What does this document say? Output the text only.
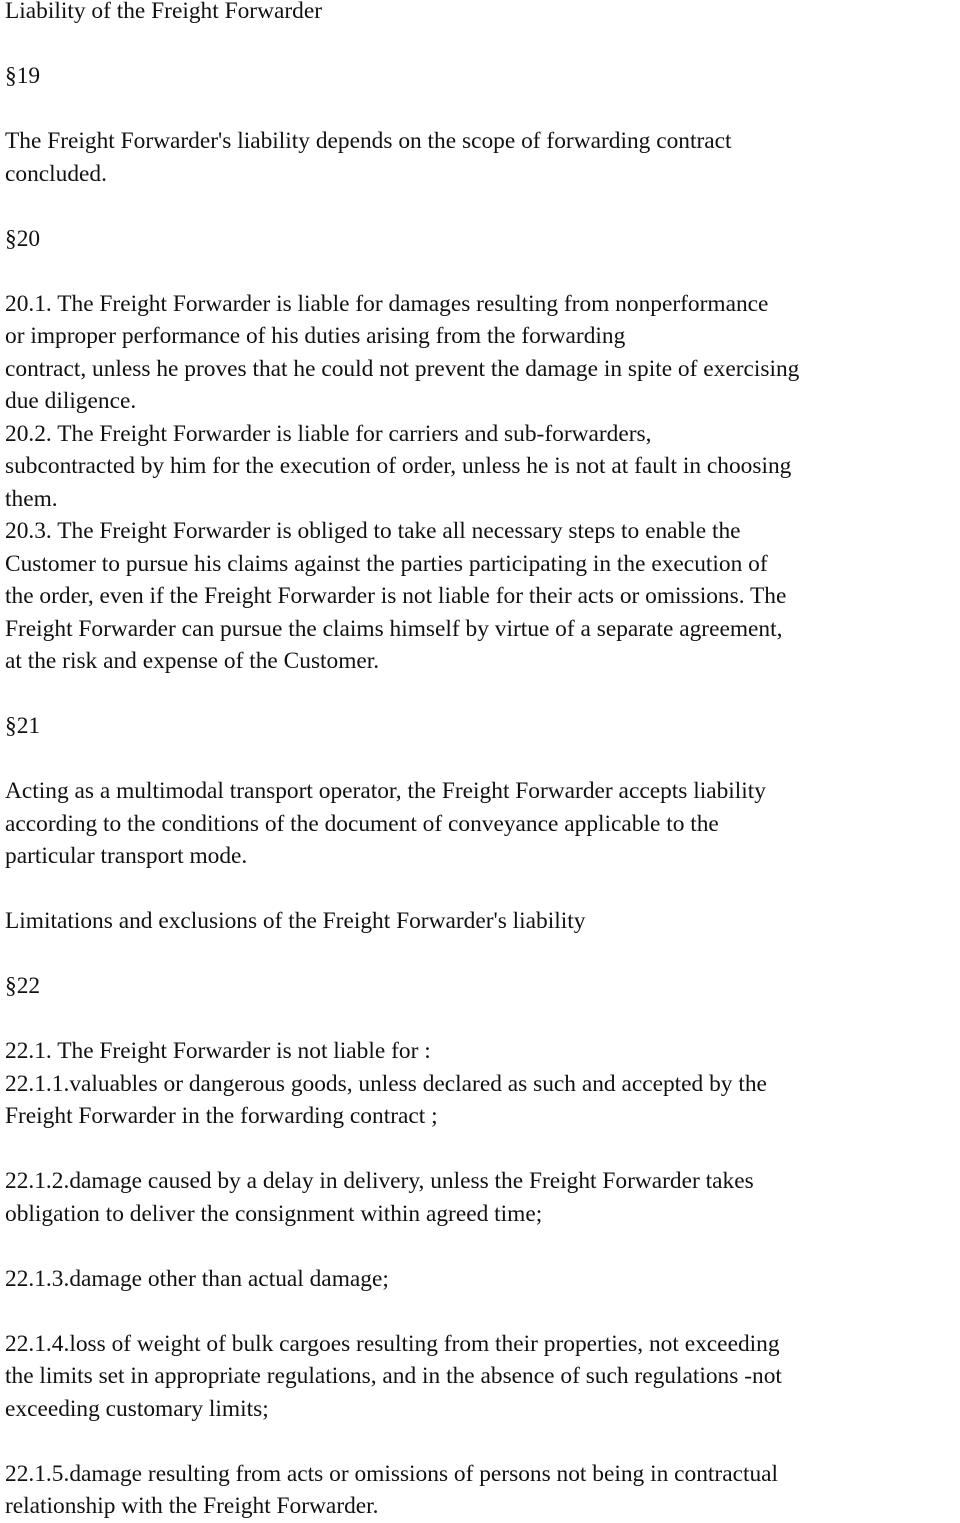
Liability of the Freight Forwarder
§19
The Freight Forwarder's liability depends on the scope of forwarding contract
concluded.
§20
20.1. The Freight Forwarder is liable for damages resulting from nonperformance
or improper performance of his duties arising from the forwarding
contract, unless he proves that he could not prevent the damage in spite of exercising
due diligence.
20.2. The Freight Forwarder is liable for carriers and sub-forwarders,
subcontracted by him for the execution of order, unless he is not at fault in choosing
them.
20.3. The Freight Forwarder is obliged to take all necessary steps to enable the
Customer to pursue his claims against the parties participating in the execution of
the order, even if the Freight Forwarder is not liable for their acts or omissions. The
Freight Forwarder can pursue the claims himself by virtue of a separate agreement,
at the risk and expense of the Customer.
§21
Acting as a multimodal transport operator, the Freight Forwarder accepts liability
according to the conditions of the document of conveyance applicable to the
particular transport mode.
Limitations and exclusions of the Freight Forwarder's liability
§22
22.1. The Freight Forwarder is not liable for :
22.1.1.valuables or dangerous goods, unless declared as such and accepted by the
Freight Forwarder in the forwarding contract ;
22.1.2.damage caused by a delay in delivery, unless the Freight Forwarder takes
obligation to deliver the consignment within agreed time;
22.1.3.damage other than actual damage;
22.1.4.loss of weight of bulk cargoes resulting from their properties, not exceeding
the limits set in appropriate regulations, and in the absence of such regulations -not
exceeding customary limits;
22.1.5.damage resulting from acts or omissions of persons not being in contractual
relationship with the Freight Forwarder.
